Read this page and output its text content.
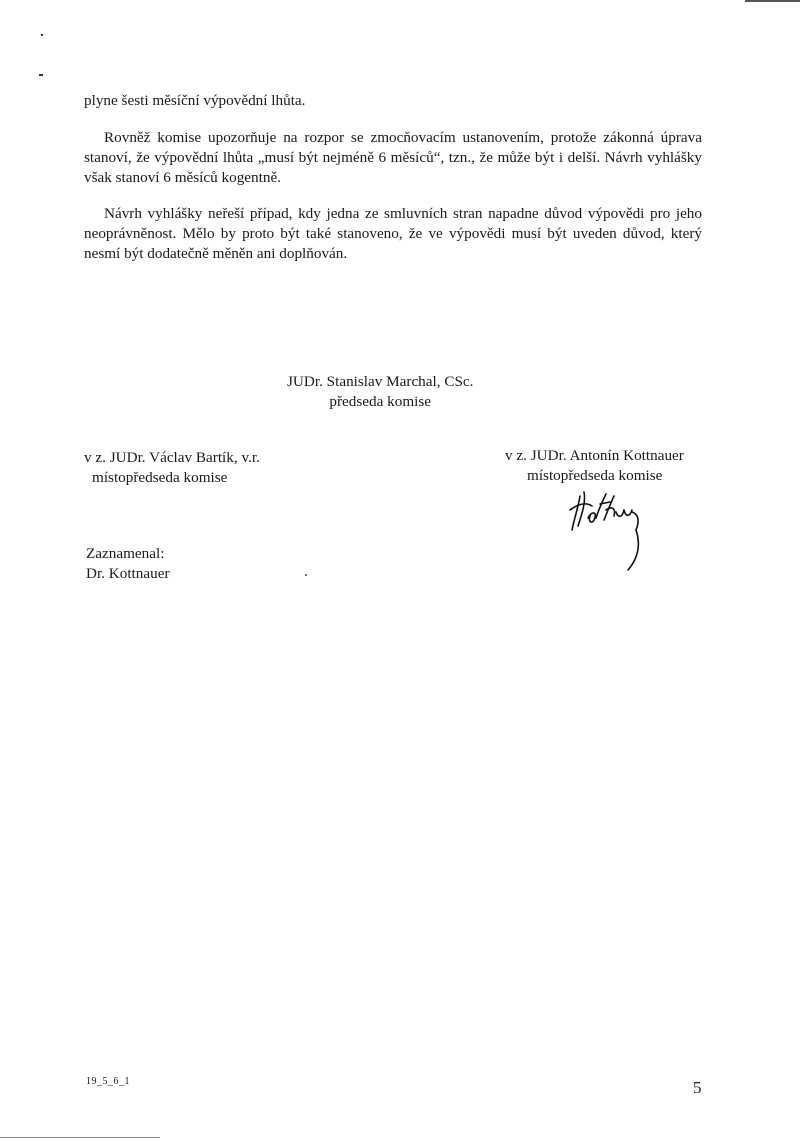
plyne šesti měsíční výpovědní lhůta.

Rovněž komise upozorňuje na rozpor se zmocňovacím ustanovením, protože zákonná úprava stanoví, že výpovědní lhůta „musí být nejméně 6 měsíců“, tzn., že může být i delší. Návrh vyhlášky však stanoví 6 měsíců kogentně.

Návrh vyhlášky neřeší případ, kdy jedna ze smluvních stran napadne důvod výpovědi pro jeho neoprávněnost. Mělo by proto být také stanoveno, že ve výpovědi musí být uveden důvod, který nesmí být dodatečně měněn ani doplňován.

JUDr. Stanislav Marchal, CSc.
předseda komise
v z. JUDr. Václav Bartík, v.r.
místopředseda komise
v z. JUDr. Antonín Kottnauer
místopředseda komise
Zaznamenal:
Dr. Kottnauer
19_5_6_1	5
